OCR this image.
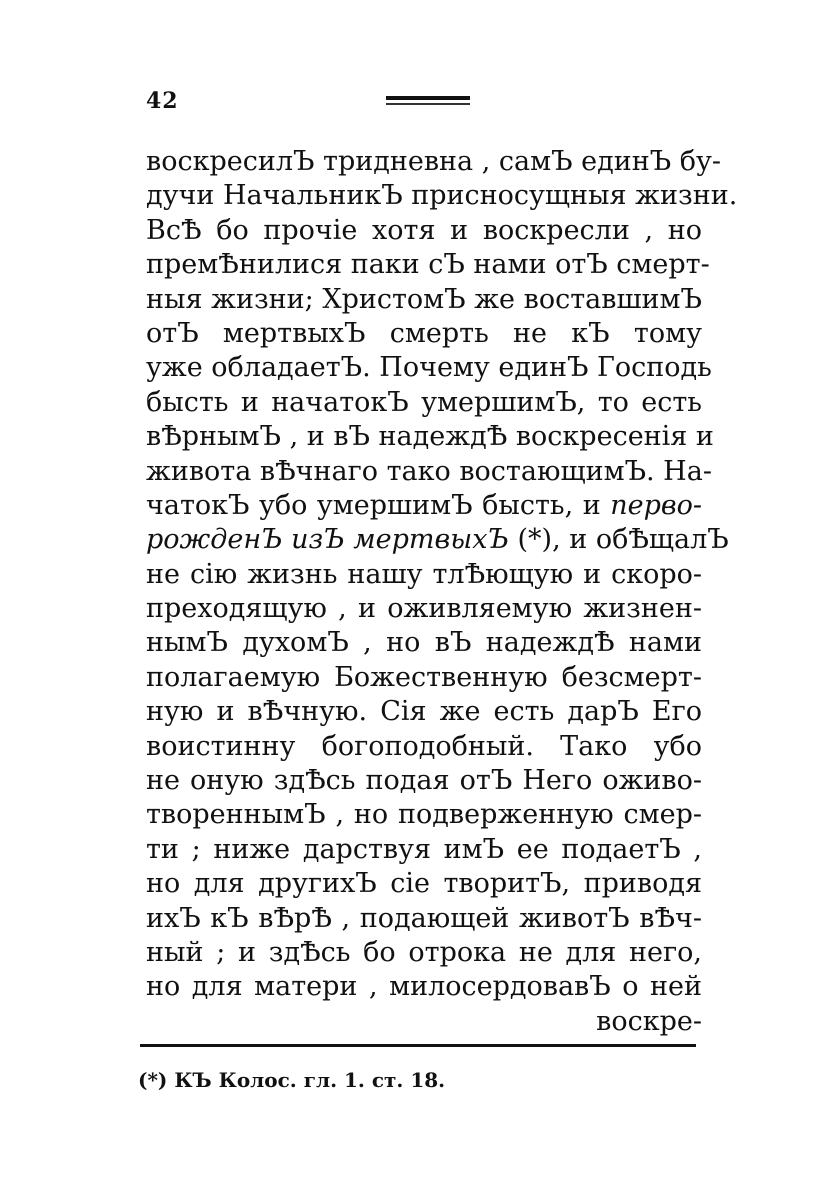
42
воскресилЪ тридневна , самЪ единЪ бу-
дучи НачальникЪ присносущныя жизни.
ВсѢ бо прочіе хотя и воскресли , но
премѢнилися паки сЪ нами отЪ смерт-
ныя жизни; ХристомЪ же воставшимЪ
отЪ мертвыхЪ смерть не кЪ тому
уже обладаетЪ. Почему единЪ Господь
бысть и начатокЪ умершимЪ, то есть
вѢрнымЪ , и вЪ надеждѢ воскресенія и
живота вѢчнаго тако востающимЪ. На-
чатокЪ убо умершимЪ бысть, и перво-
рожденЪ изЪ мертвыхЪ (*), и обѢщалЪ
не сію жизнь нашу тлѢющую и скоро-
преходящую , и оживляемую жизнен-
нымЪ духомЪ , но вЪ надеждѢ нами
полагаемую Божественную безсмерт-
ную и вѢчную. Сія же есть дарЪ Его
воистинну богоподобный. Тако убо
не оную здѢсь подая отЪ Него оживо-
твореннымЪ , но подверженную смер-
ти ; ниже дарствуя имЪ ее подаетЪ ,
но для другихЪ сіе творитЪ, приводя
ихЪ кЪ вѢрѢ , подающей животЪ вѢч-
ный ; и здѢсь бо отрока не для него,
но для матери , милосердовавЪ о ней
воскре-
(*) КЪ Колос. гл. 1. ст. 18.
